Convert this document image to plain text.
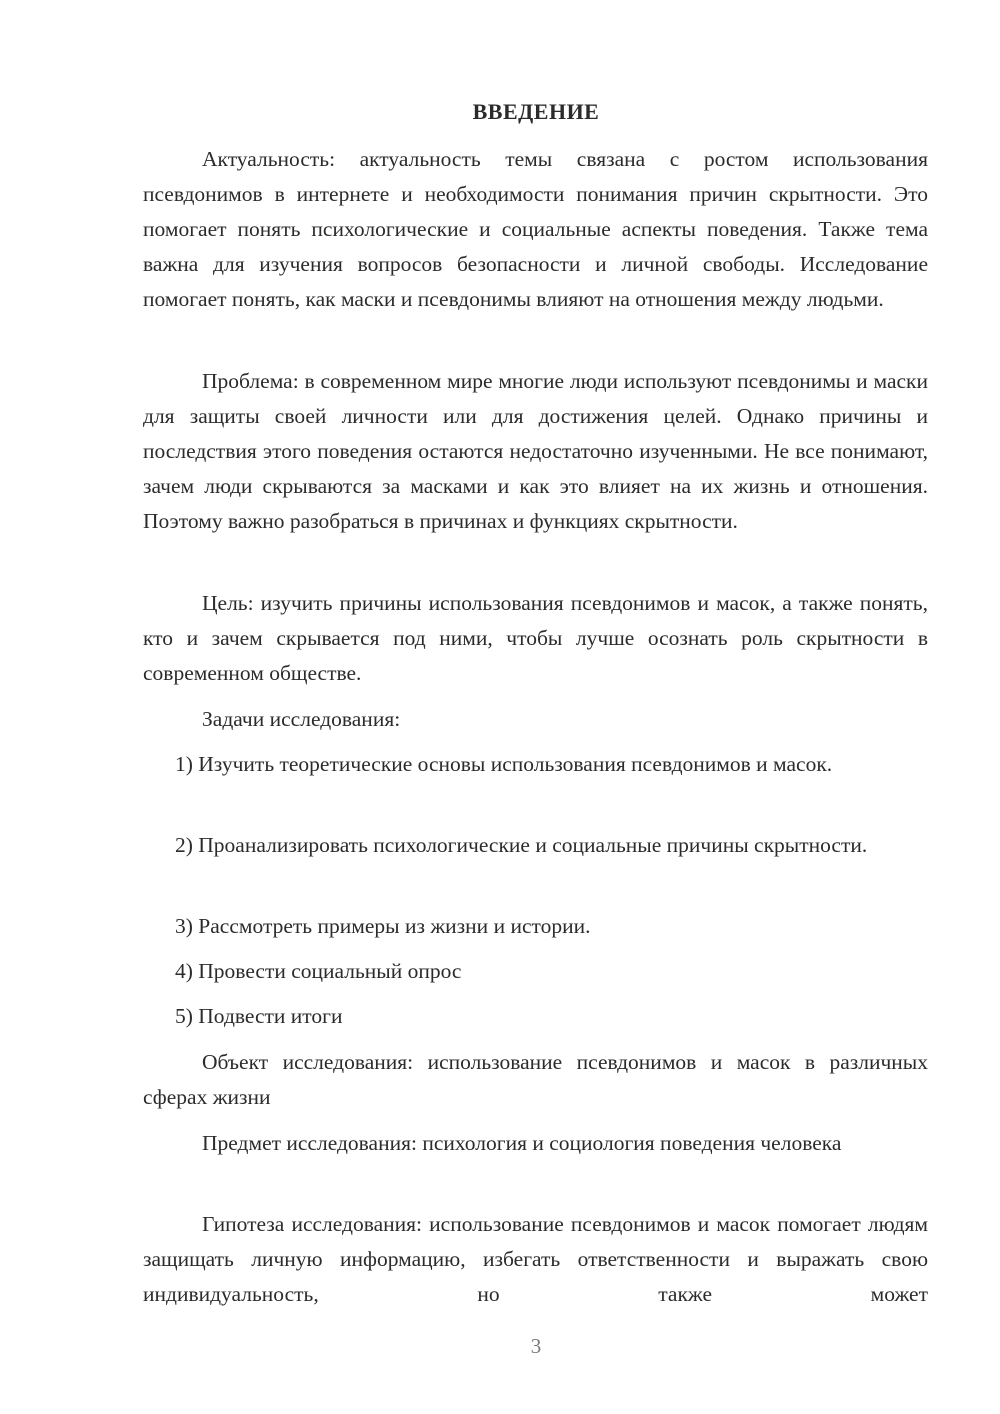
ВВЕДЕНИЕ

Актуальность: актуальность темы связана с ростом использования псевдонимов в интернете и необходимости понимания причин скрытности. Это помогает понять психологические и социальные аспекты поведения. Также тема важна для изучения вопросов безопасности и личной свободы. Исследование помогает понять, как маски и псевдонимы влияют на отношения между людьми.

Проблема: в современном мире многие люди используют псевдонимы и маски для защиты своей личности или для достижения целей. Однако причины и последствия этого поведения остаются недостаточно изученными. Не все понимают, зачем люди скрываются за масками и как это влияет на их жизнь и отношения. Поэтому важно разобраться в причинах и функциях скрытности.

Цель: изучить причины использования псевдонимов и масок, а также понять, кто и зачем скрывается под ними, чтобы лучше осознать роль скрытности в современном обществе.

Задачи исследования:

1) Изучить теоретические основы использования псевдонимов и масок.

2) Проанализировать психологические и социальные причины скрытности.

3) Рассмотреть примеры из жизни и истории.

4) Провести социальный опрос

5) Подвести итоги

Объект исследования: использование псевдонимов и масок в различных сферах жизни

Предмет исследования: психология и социология поведения человека

Гипотеза исследования: использование псевдонимов и масок помогает людям защищать личную информацию, избегать ответственности и выражать свою индивидуальность, но также может

3
